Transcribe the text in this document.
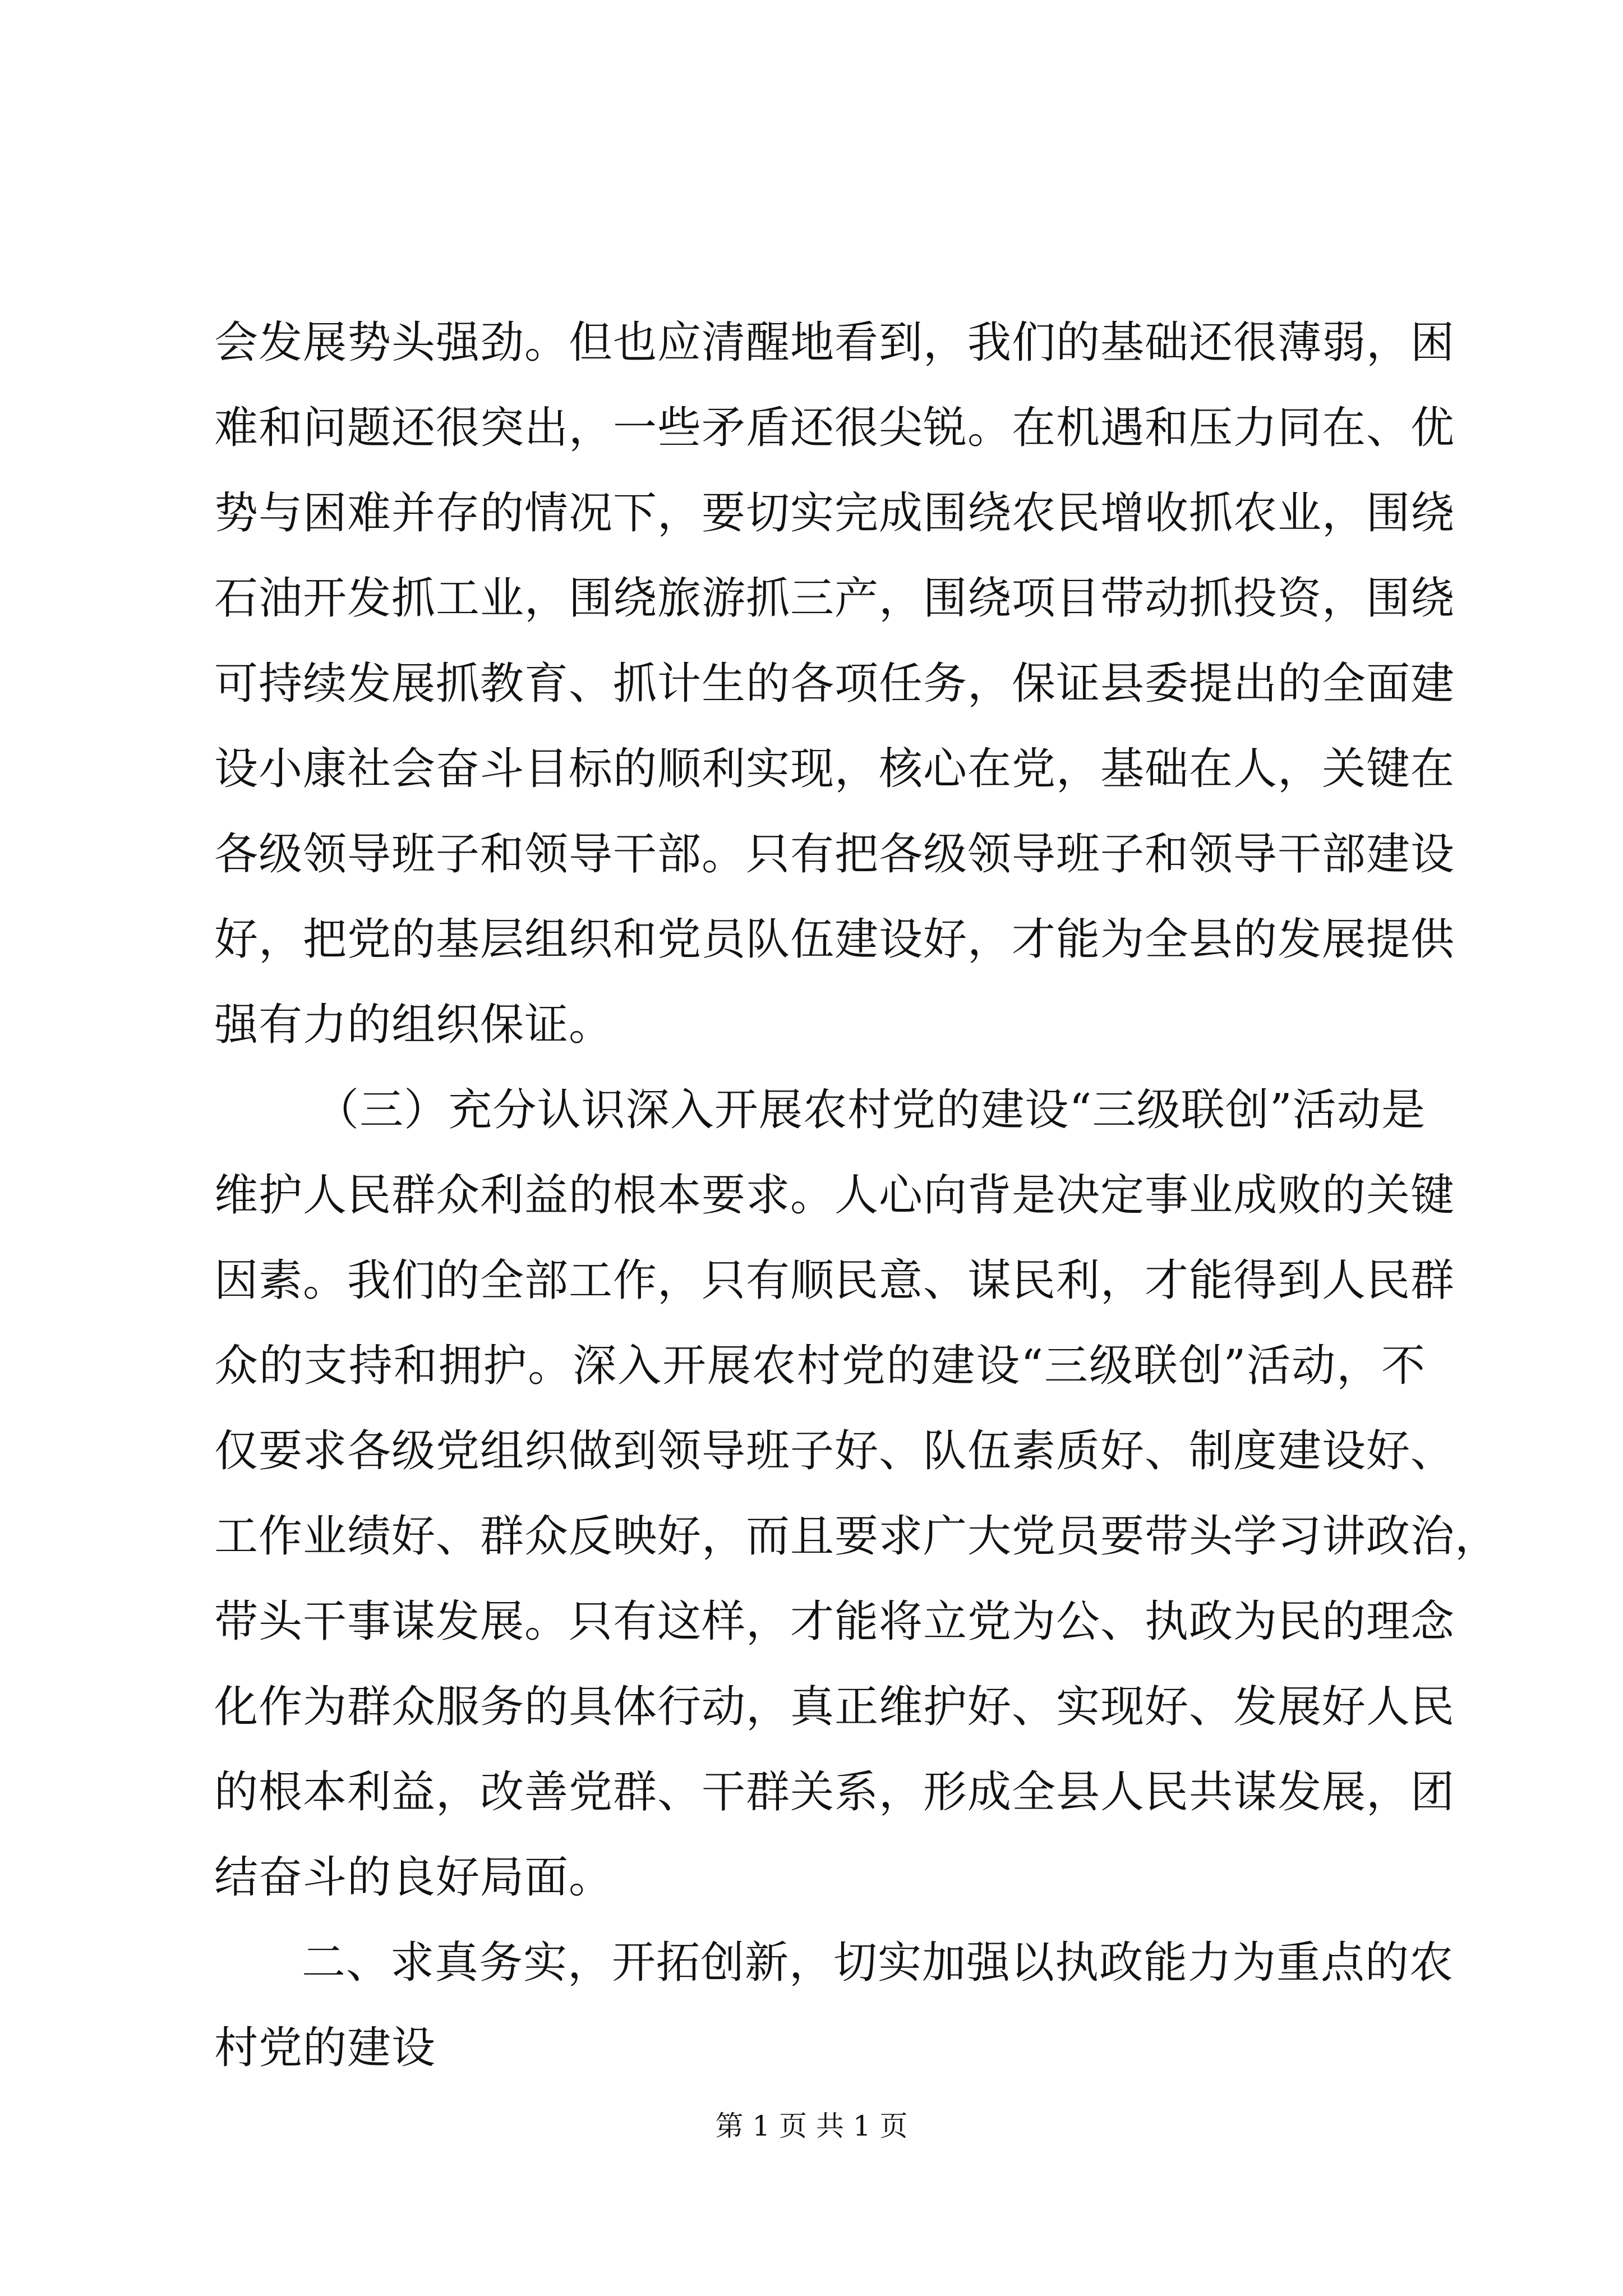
会发展势头强劲。但也应清醒地看到，我们的基础还很薄弱，困
难和问题还很突出，一些矛盾还很尖锐。在机遇和压力同在、优
势与困难并存的情况下，要切实完成围绕农民增收抓农业，围绕
石油开发抓工业，围绕旅游抓三产，围绕项目带动抓投资，围绕
可持续发展抓教育、抓计生的各项任务，保证县委提出的全面建
设小康社会奋斗目标的顺利实现，核心在党，基础在人，关键在
各级领导班子和领导干部。只有把各级领导班子和领导干部建设
好，把党的基层组织和党员队伍建设好，才能为全县的发展提供
强有力的组织保证。
（三）充分认识深入开展农村党的建设“三级联创”活动是
维护人民群众利益的根本要求。人心向背是决定事业成败的关键
因素。我们的全部工作，只有顺民意、谋民利，才能得到人民群
众的支持和拥护。深入开展农村党的建设“三级联创”活动，不
仅要求各级党组织做到领导班子好、队伍素质好、制度建设好、
工作业绩好、群众反映好，而且要求广大党员要带头学习讲政治，
带头干事谋发展。只有这样，才能将立党为公、执政为民的理念
化作为群众服务的具体行动，真正维护好、实现好、发展好人民
的根本利益，改善党群、干群关系，形成全县人民共谋发展，团
结奋斗的良好局面。
二、求真务实，开拓创新，切实加强以执政能力为重点的农
村党的建设
第 1 页 共 1 页
